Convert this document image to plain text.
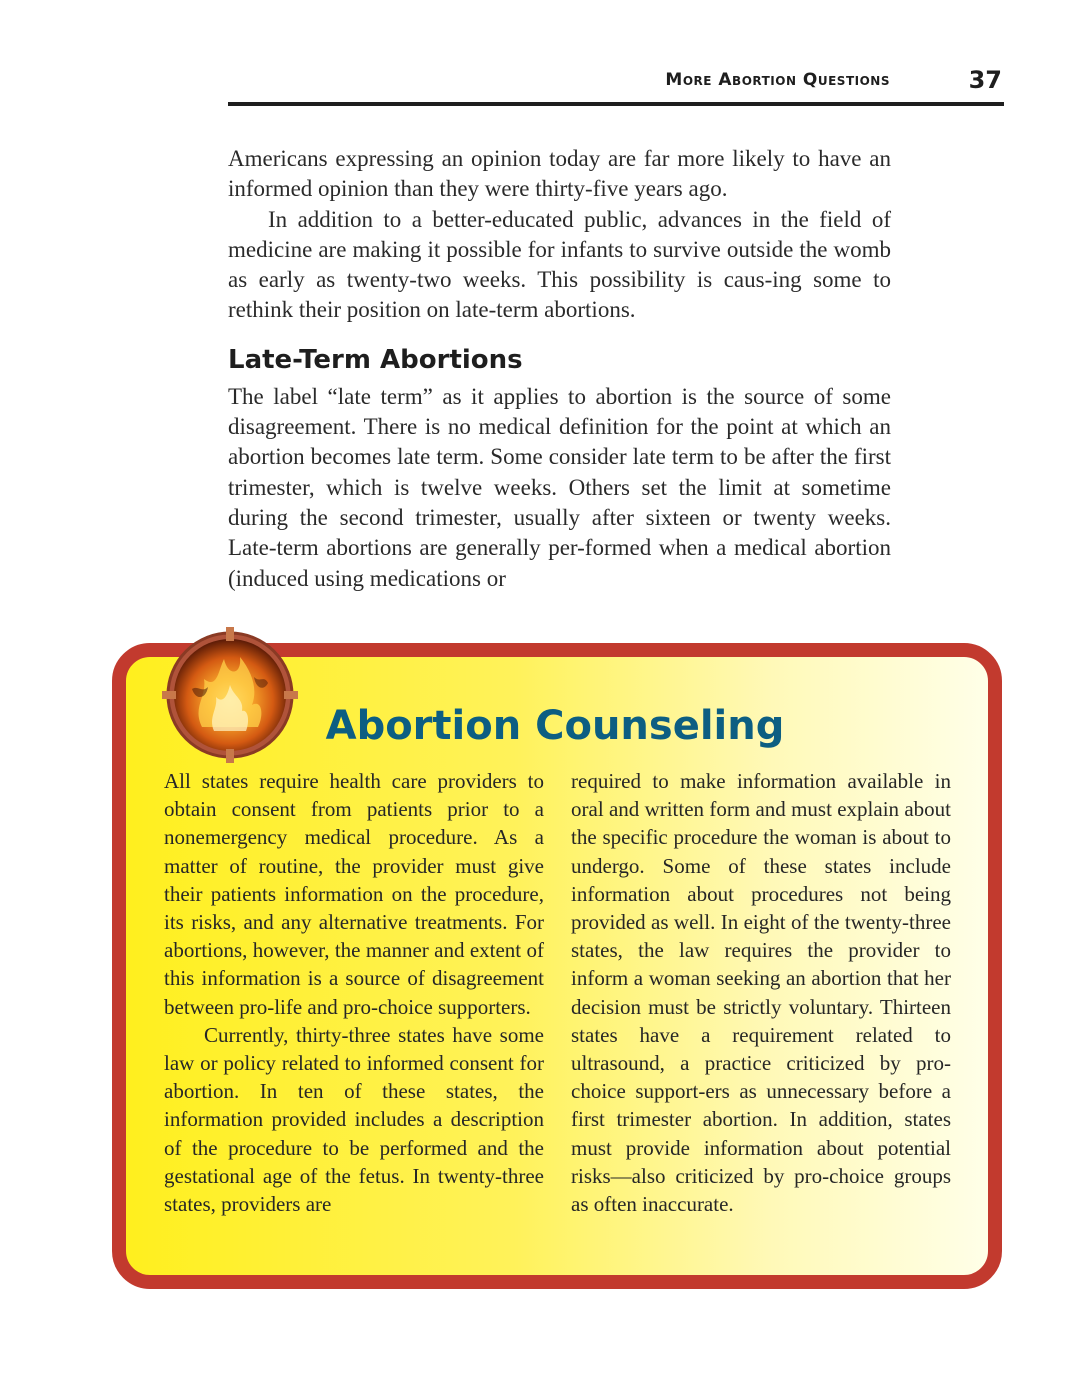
More Abortion Questions	37

Americans expressing an opinion today are far more likely to have an informed opinion than they were thirty-five years ago.

In addition to a better-educated public, advances in the field of medicine are making it possible for infants to survive outside the womb as early as twenty-two weeks. This possibility is caus-ing some to rethink their position on late-term abortions.

Late-Term Abortions

The label “late term” as it applies to abortion is the source of some disagreement. There is no medical definition for the point at which an abortion becomes late term. Some consider late term to be after the first trimester, which is twelve weeks. Others set the limit at sometime during the second trimester, usually after sixteen or twenty weeks. Late-term abortions are generally per-formed when a medical abortion (induced using medications or

Abortion Counseling

All states require health care providers to obtain consent from patients prior to a nonemergency medical procedure. As a matter of routine, the provider must give their patients information on the procedure, its risks, and any alternative treatments. For abortions, however, the manner and extent of this information is a source of disagreement between pro-life and pro-choice supporters.

Currently, thirty-three states have some law or policy related to informed consent for abortion. In ten of these states, the information provided includes a description of the procedure to be performed and the gestational age of the fetus. In twenty-three states, providers are

required to make information available in oral and written form and must explain about the specific procedure the woman is about to undergo. Some of these states include information about procedures not being provided as well. In eight of the twenty-three states, the law requires the provider to inform a woman seeking an abortion that her decision must be strictly voluntary. Thirteen states have a requirement related to ultrasound, a practice criticized by pro-choice support-ers as unnecessary before a first trimester abortion. In addition, states must provide information about potential risks—also criticized by pro-choice groups as often inaccurate.
